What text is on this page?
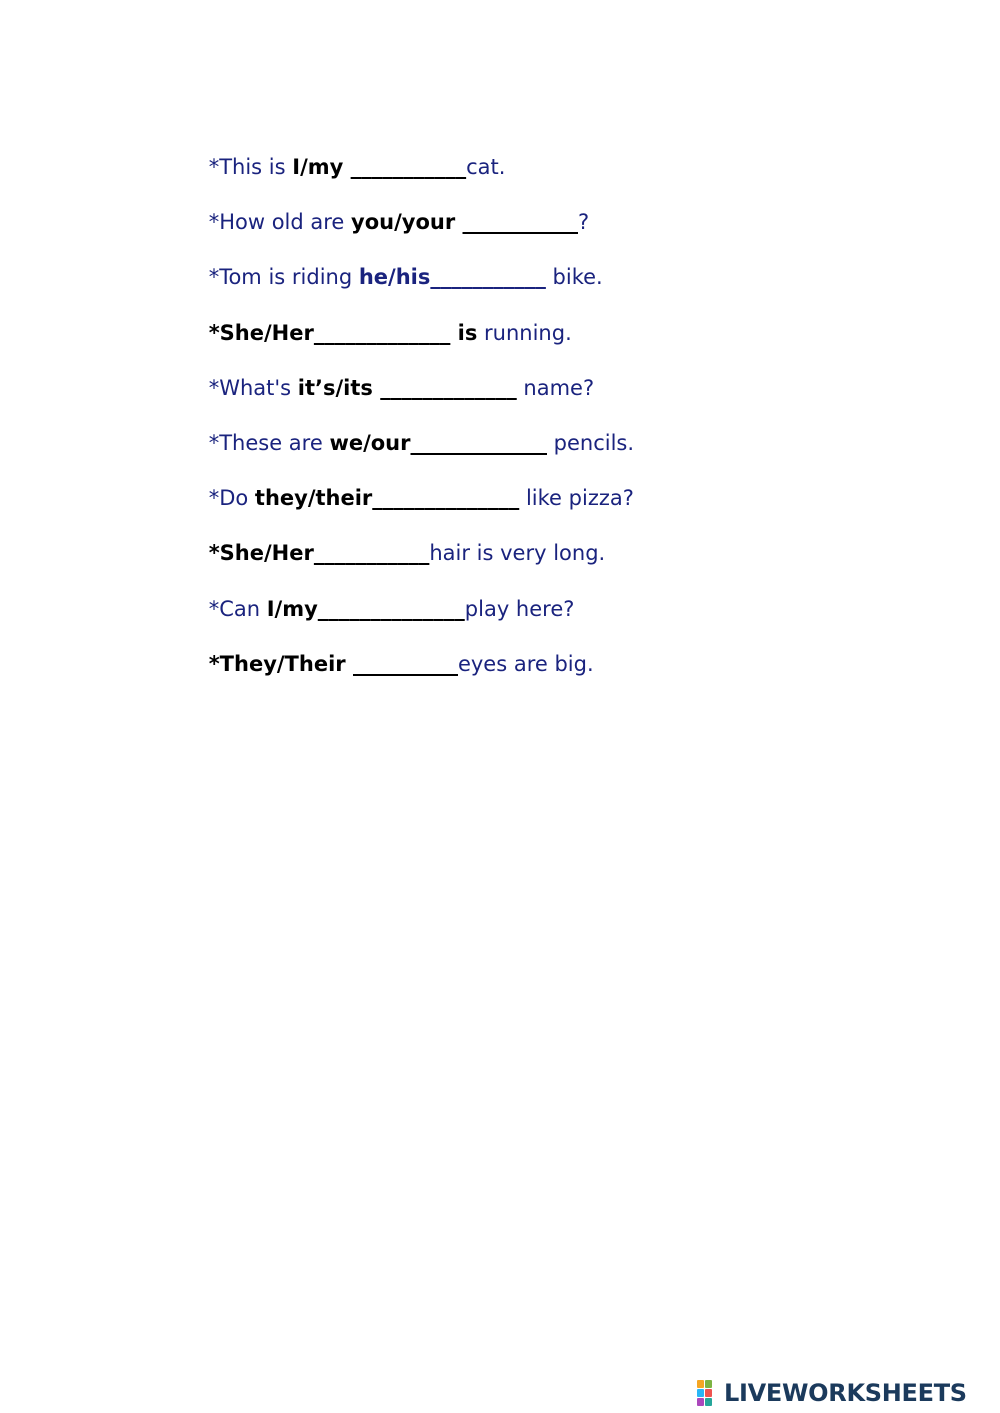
*This is I/my ___________cat.

*How old are you/your ___________?

*Tom is riding he/his___________ bike.

*She/Her_____________ is running.

*What's it’s/its _____________ name?

*These are we/our_____________ pencils.

*Do they/their______________ like pizza?

*She/Her___________hair is very long.

*Can I/my______________play here?

*They/Their __________eyes are big.

LIVEWORKSHEETS
